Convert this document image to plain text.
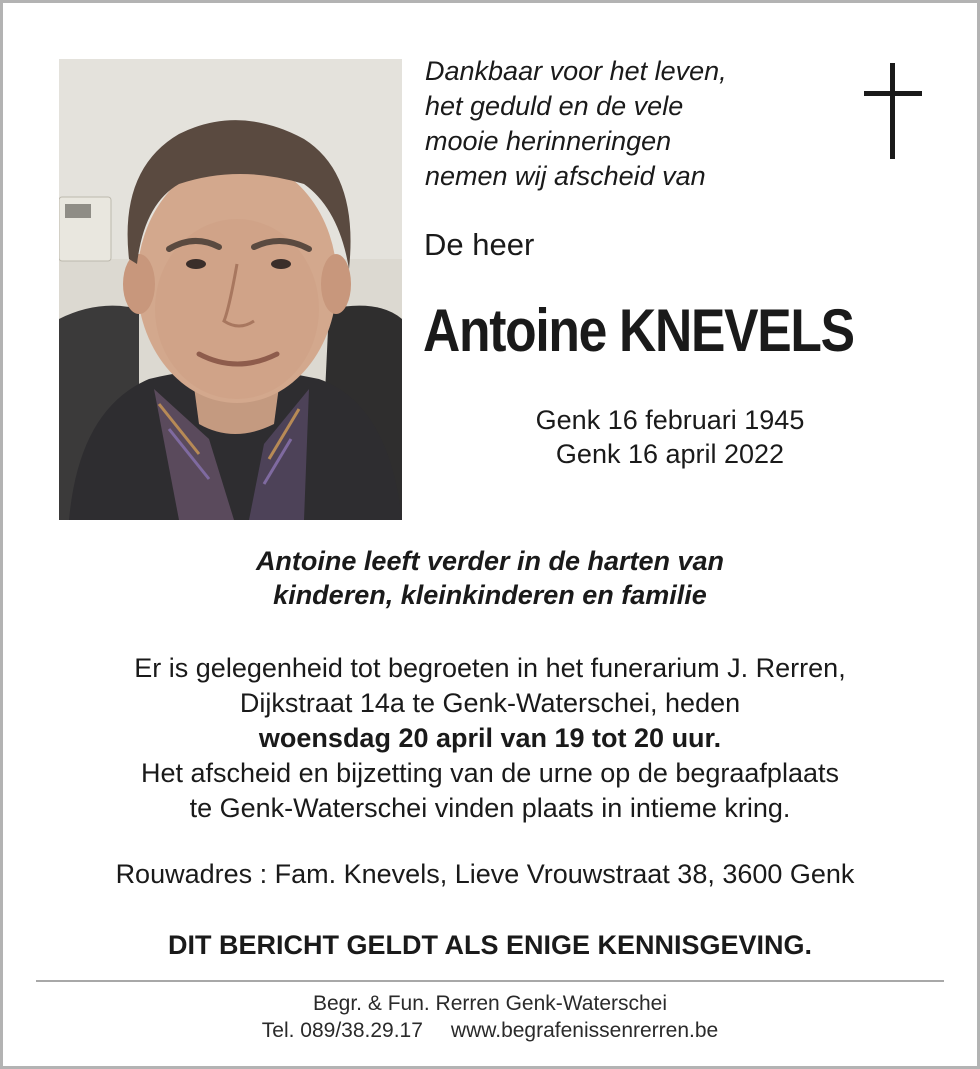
Dankbaar voor het leven,
het geduld en de vele
mooie herinneringen
nemen wij afscheid van
De heer
Antoine KNEVELS
Genk 16 februari 1945
Genk 16 april 2022
Antoine leeft verder in de harten van
kinderen, kleinkinderen en familie
Er is gelegenheid tot begroeten in het funerarium J. Rerren,
Dijkstraat 14a te Genk-Waterschei, heden
woensdag 20 april van 19 tot 20 uur.
Het afscheid en bijzetting van de urne op de begraafplaats
te Genk-Waterschei vinden plaats in intieme kring.
Rouwadres : Fam. Knevels, Lieve Vrouwstraat 38, 3600 Genk
DIT BERICHT GELDT ALS ENIGE KENNISGEVING.
Begr. & Fun. Rerren Genk-Waterschei
Tel. 089/38.29.17 www.begrafenissenrerren.be
